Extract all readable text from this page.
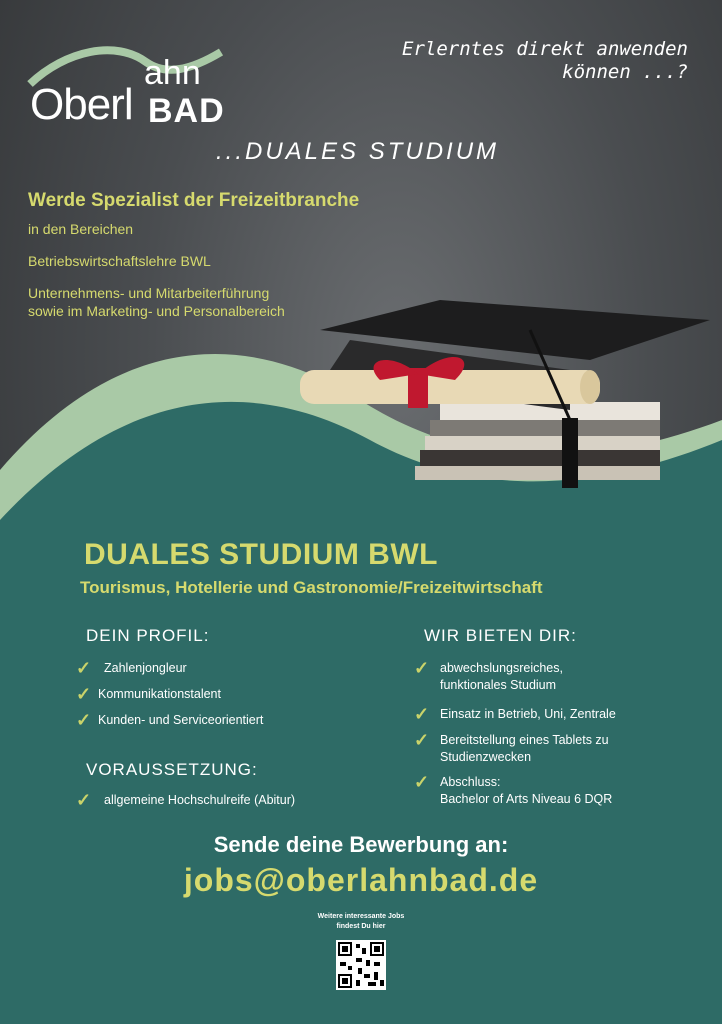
Oberl
ahn
BAD
Erlerntes direkt anwenden
können ...?
...DUALES STUDIUM
Werde Spezialist der Freizeitbranche
in den Bereichen
Betriebswirtschaftslehre BWL
Unternehmens- und Mitarbeiterführung
sowie im Marketing- und Personalbereich
DUALES STUDIUM BWL
Tourismus, Hotellerie und Gastronomie/Freizeitwirtschaft
DEIN PROFIL:
✓	Zahlenjongleur
✓ Kommunikationstalent
✓ Kunden- und Serviceorientiert
VORAUSSETZUNG:
✓	allgemeine Hochschulreife (Abitur)
WIR BIETEN DIR:
✓ abwechslungsreiches,
funktionales Studium
✓ Einsatz in Betrieb, Uni, Zentrale
✓ Bereitstellung eines Tablets zu
Studienzwecken
✓ Abschluss:
Bachelor of Arts Niveau 6 DQR
Sende deine Bewerbung an:
jobs@oberlahnbad.de
Weitere interessante Jobs
findest Du hier
